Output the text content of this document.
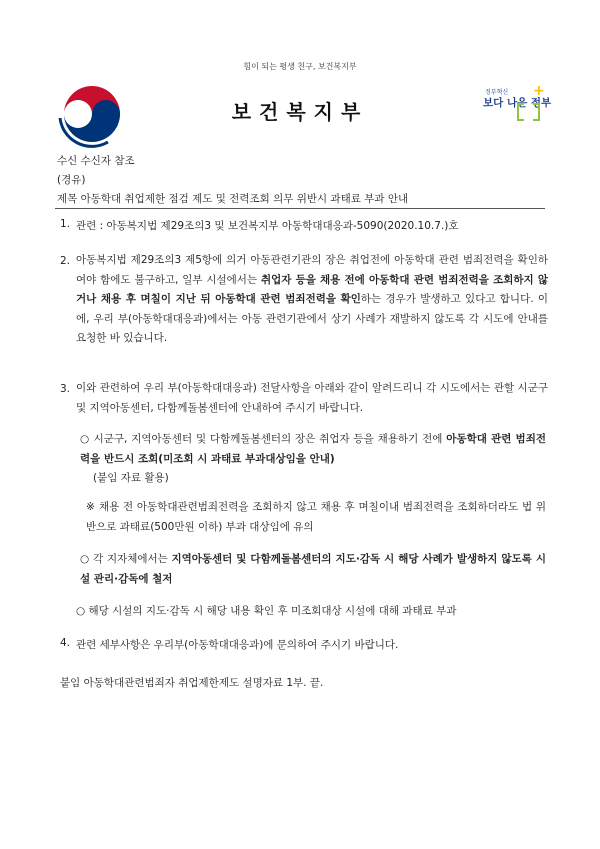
힘이 되는 평생 친구, 보건복지부
보건복지부
정부혁신
보다 나은 정부
+
수신 수신자 참조
(경유)
제목 아동학대 취업제한 점검 제도 및 전력조회 의무 위반시 과태료 부과 안내
1. 관련 : 아동복지법 제29조의3 및 보건복지부 아동학대대응과-5090(2020.10.7.)호
2. 아동복지법 제29조의3 제5항에 의거 아동관련기관의 장은 취업전에 아동학대 관련 범죄전력을 확인하여야 함에도 불구하고, 일부 시설에서는 취업자 등을 채용 전에 아동학대 관련 범죄전력을 조회하지 않거나 채용 후 며칠이 지난 뒤 아동학대 관련 범죄전력을 확인하는 경우가 발생하고 있다고 합니다. 이에, 우리 부(아동학대대응과)에서는 아동 관련기관에서 상기 사례가 재발하지 않도록 각 시도에 안내를 요청한 바 있습니다.
3. 이와 관련하여 우리 부(아동학대대응과) 전달사항을 아래와 같이 알려드리니 각 시도에서는 관할 시군구 및 지역아동센터, 다함께돌봄센터에 안내하여 주시기 바랍니다.
○ 시군구, 지역아동센터 및 다함께돌봄센터의 장은 취업자 등을 채용하기 전에 아동학대 관련 범죄전력을 반드시 조회(미조회 시 과태료 부과대상임을 안내)
(붙임 자료 활용)
※ 채용 전 아동학대관련범죄전력을 조회하지 않고 채용 후 며칠이내 범죄전력을 조회하더라도 법 위반으로 과태료(500만원 이하) 부과 대상임에 유의
○ 각 지자체에서는 지역아동센터 및 다함께돌봄센터의 지도·감독 시 해당 사례가 발생하지 않도록 시설 관리·감독에 철저
○ 해당 시설의 지도·감독 시 해당 내용 확인 후 미조회대상 시설에 대해 과태료 부과
4. 관련 세부사항은 우리부(아동학대대응과)에 문의하여 주시기 바랍니다.
붙임 아동학대관련범죄자 취업제한제도 설명자료 1부. 끝.
